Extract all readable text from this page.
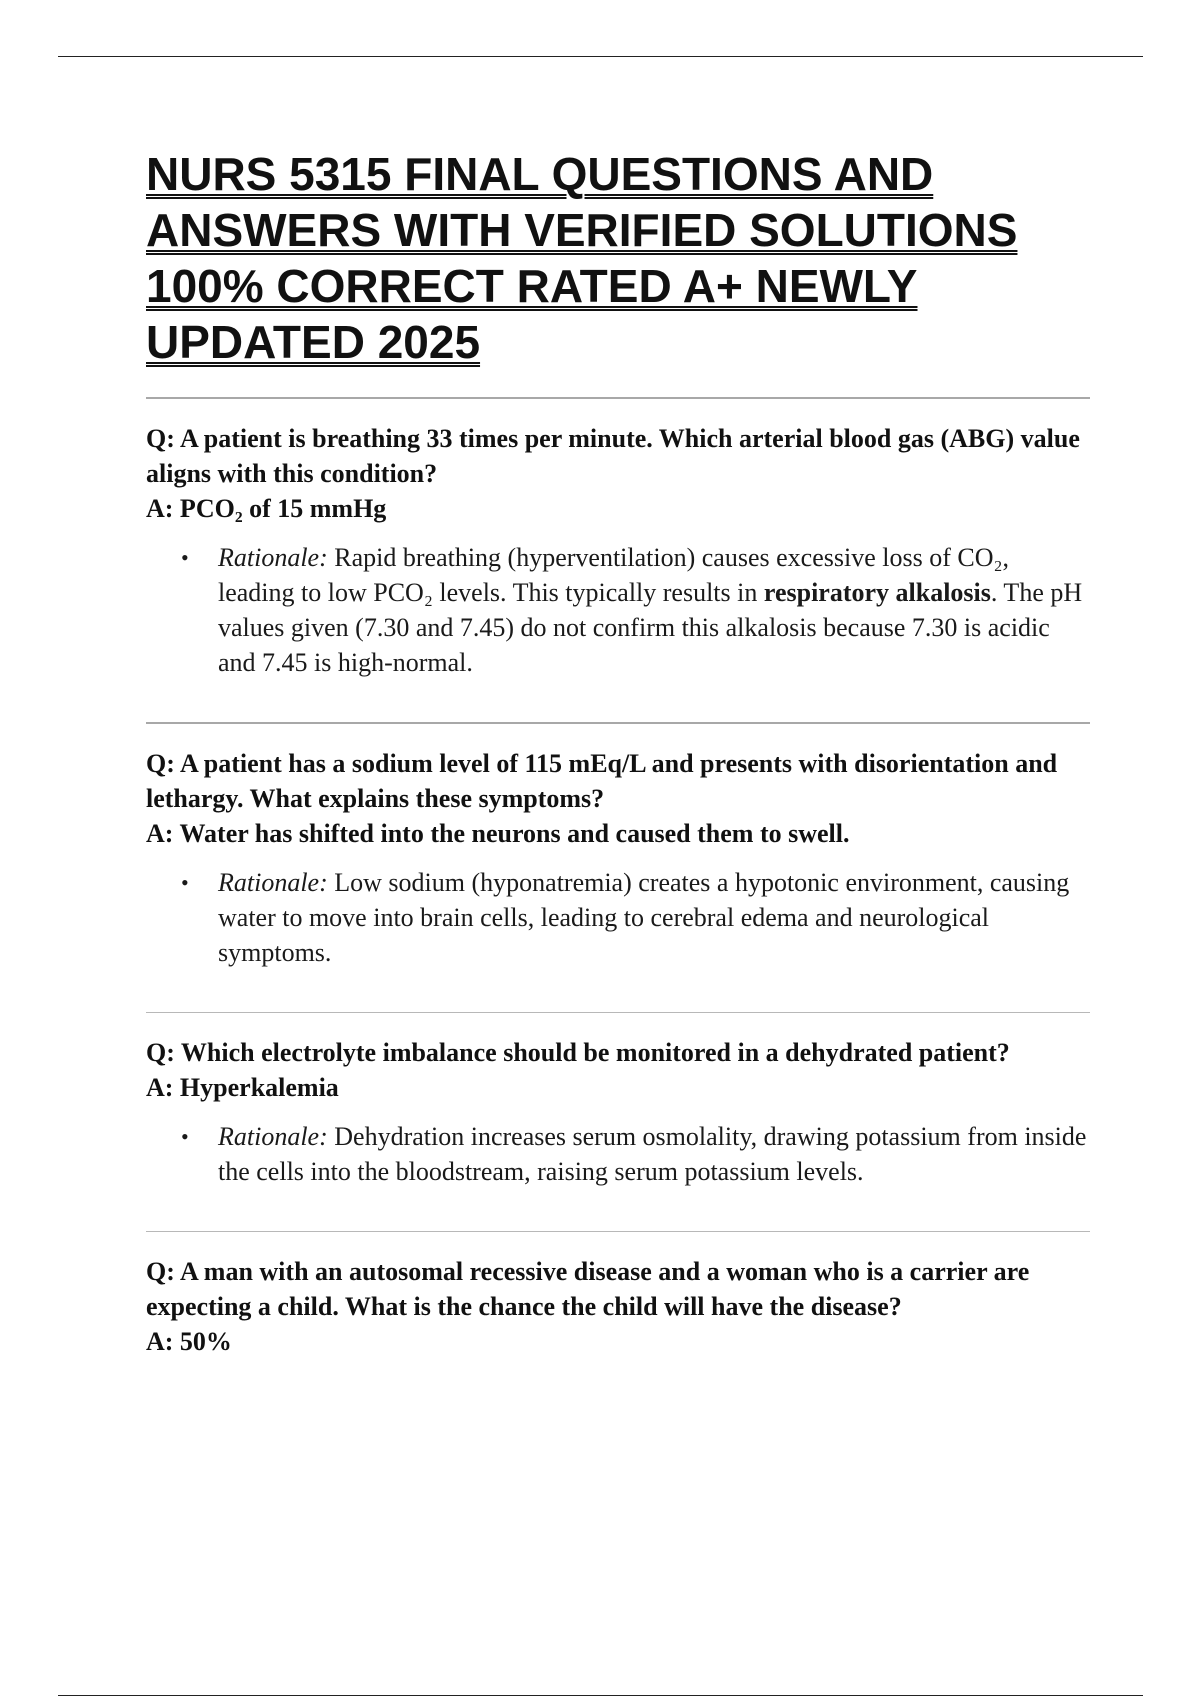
NURS 5315 FINAL QUESTIONS AND ANSWERS WITH VERIFIED SOLUTIONS 100% CORRECT RATED A+ NEWLY UPDATED 2025

Q: A patient is breathing 33 times per minute. Which arterial blood gas (ABG) value aligns with this condition?

A: PCO₂ of 15 mmHg

• Rationale: Rapid breathing (hyperventilation) causes excessive loss of CO₂, leading to low PCO₂ levels. This typically results in respiratory alkalosis. The pH values given (7.30 and 7.45) do not confirm this alkalosis because 7.30 is acidic and 7.45 is high-normal.

Q: A patient has a sodium level of 115 mEq/L and presents with disorientation and lethargy. What explains these symptoms?

A: Water has shifted into the neurons and caused them to swell.

• Rationale: Low sodium (hyponatremia) creates a hypotonic environment, causing water to move into brain cells, leading to cerebral edema and neurological symptoms.

Q: Which electrolyte imbalance should be monitored in a dehydrated patient?

A: Hyperkalemia

• Rationale: Dehydration increases serum osmolality, drawing potassium from inside the cells into the bloodstream, raising serum potassium levels.

Q: A man with an autosomal recessive disease and a woman who is a carrier are expecting a child. What is the chance the child will have the disease?

A: 50%
